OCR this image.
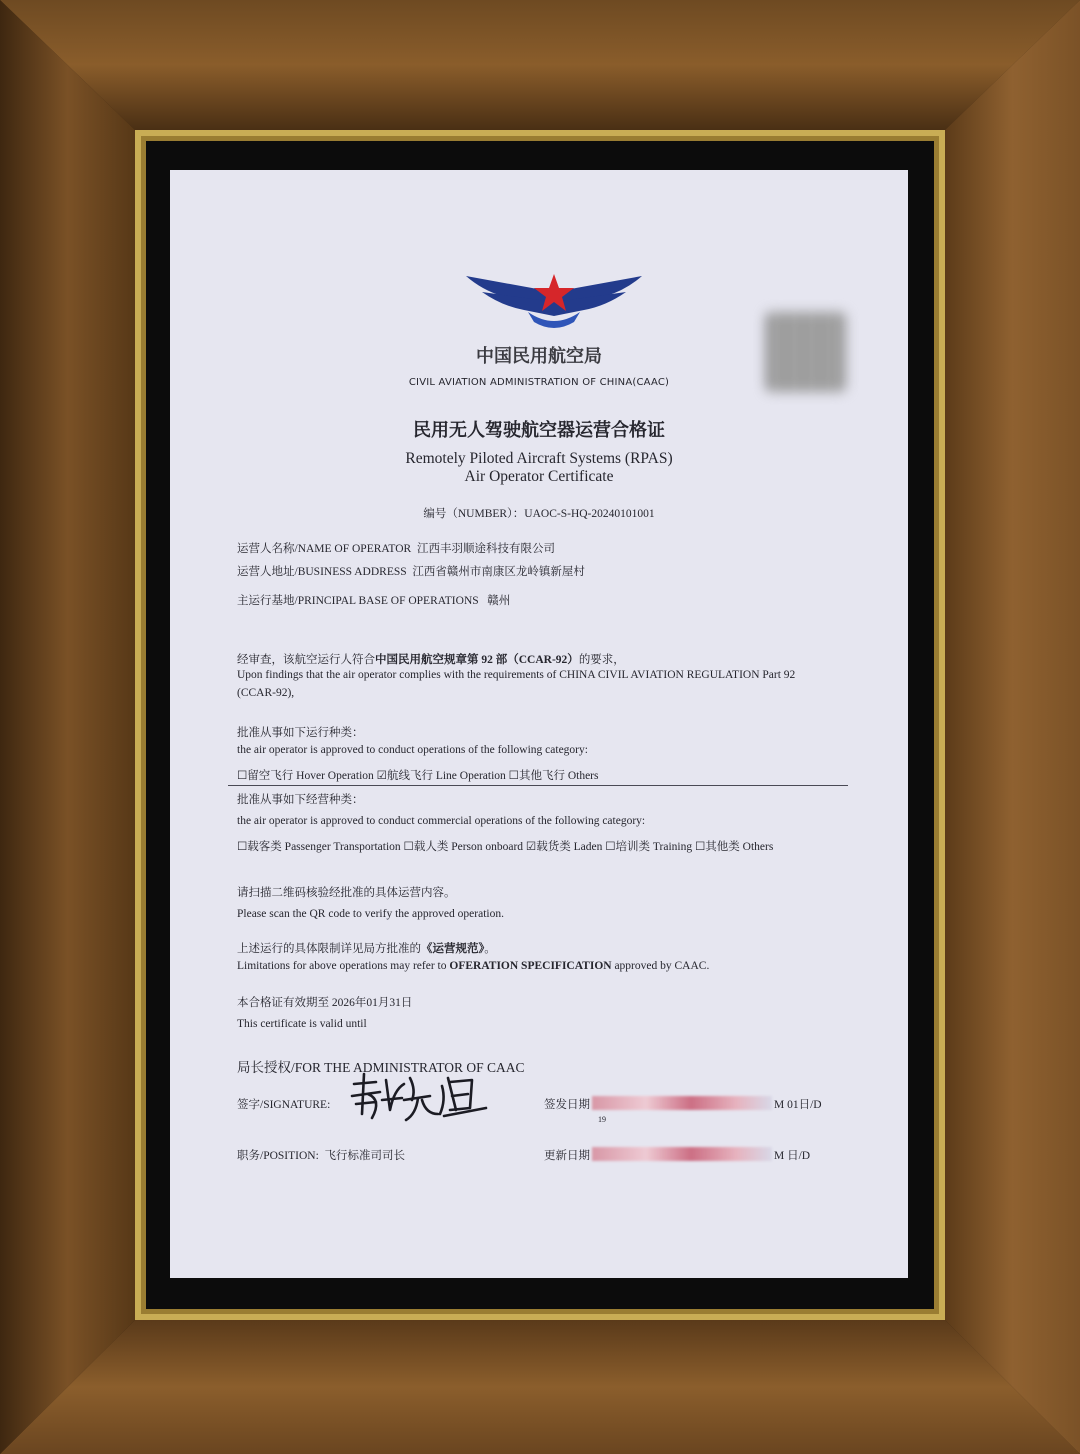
中国民用航空局
CIVIL AVIATION ADMINISTRATION OF CHINA(CAAC)
民用无人驾驶航空器运营合格证
Remotely Piloted Aircraft Systems (RPAS)
Air Operator Certificate
编号（NUMBER）：UAOC-S-HQ-20240101001
运营人名称/NAME OF OPERATOR 江西丰羽顺途科技有限公司
运营人地址/BUSINESS ADDRESS 江西省赣州市南康区龙岭镇新屋村
主运行基地/PRINCIPAL BASE OF OPERATIONS 赣州
经审查，该航空运行人符合中国民用航空规章第 92 部（CCAR-92）的要求，
Upon findings that the air operator complies with the requirements of CHINA CIVIL AVIATION REGULATION Part 92
(CCAR-92),
批准从事如下运行种类：
the air operator is approved to conduct operations of the following category:
☐留空飞行 Hover Operation ☑航线飞行 Line Operation ☐其他飞行 Others
批准从事如下经营种类：
the air operator is approved to conduct commercial operations of the following category:
☐载客类 Passenger Transportation ☐载人类 Person onboard ☑载货类 Laden ☐培训类 Training ☐其他类 Others
请扫描二维码核验经批准的具体运营内容。
Please scan the QR code to verify the approved operation.
上述运行的具体限制详见局方批准的《运营规范》。
Limitations for above operations may refer to OFERATION SPECIFICATION approved by CAAC.
本合格证有效期至 2026年01月31日
This certificate is valid until
局长授权/FOR THE ADMINISTRATOR OF CAAC
签字/SIGNATURE:
职务/POSITION: 飞行标准司司长
签发日期	M 01日/D
19
更新日期	M 日/D
